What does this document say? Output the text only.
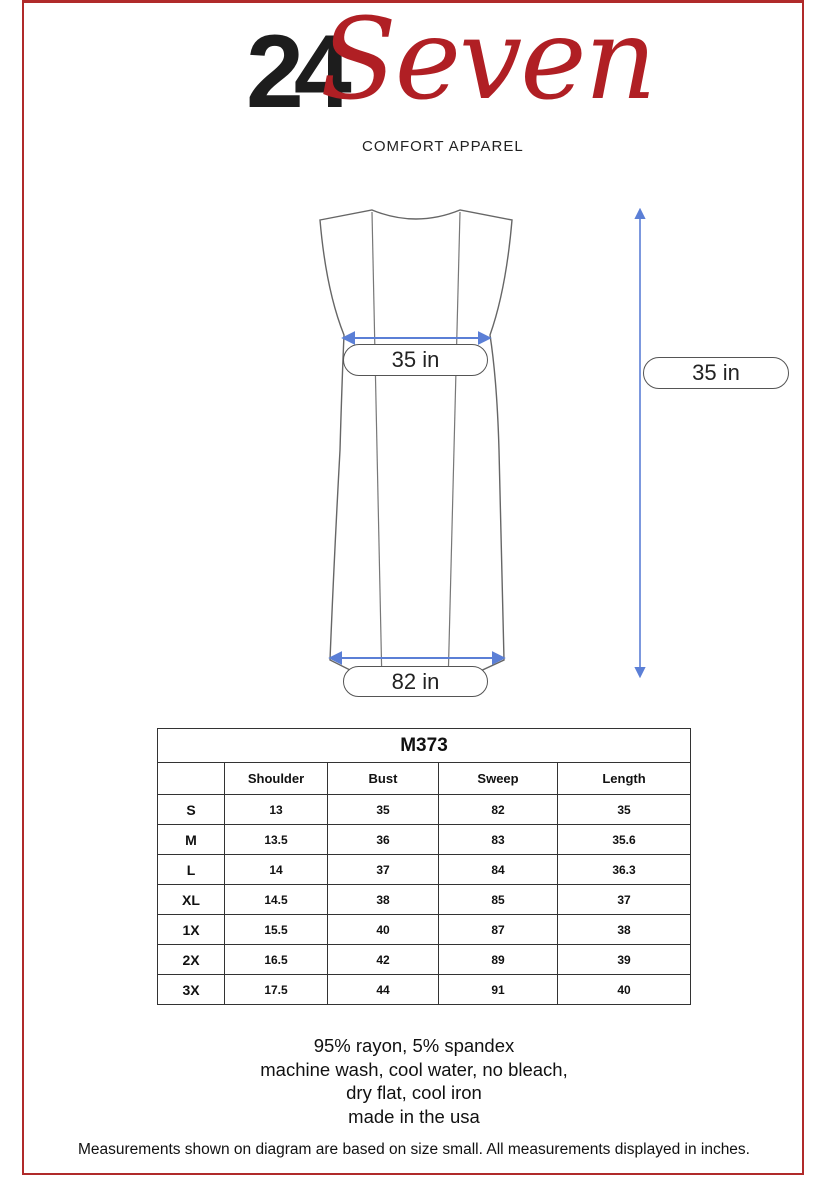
24
Seven
COMFORT APPAREL
35 in
35 in
82 in
M373				
	Shoulder	Bust	Sweep	Length
S	13	35	82	35
M	13.5	36	83	35.6
L	14	37	84	36.3
XL	14.5	38	85	37
1X	15.5	40	87	38
2X	16.5	42	89	39
3X	17.5	44	91	40
95% rayon, 5% spandex
machine wash, cool water, no bleach,
dry flat, cool iron
made in the usa
Measurements shown on diagram are based on size small. All measurements displayed in inches.
